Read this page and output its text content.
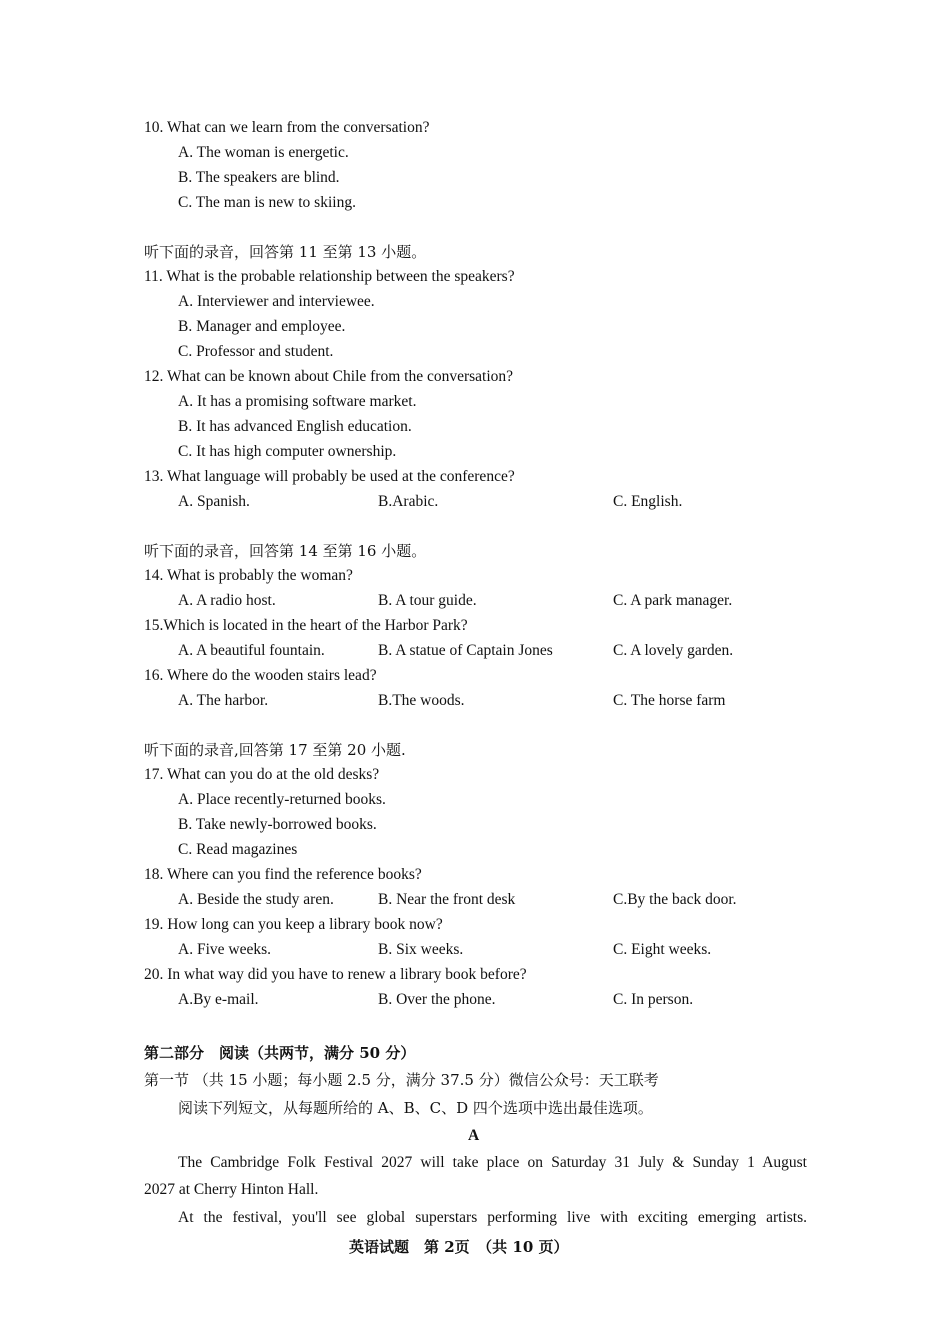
10. What can we learn from the conversation?
A. The woman is energetic.
B. The speakers are blind.
C. The man is new to skiing.
听下面的录音，回答第 11 至第 13 小题。
11. What is the probable relationship between the speakers?
A. Interviewer and interviewee.
B. Manager and employee.
C. Professor and student.
12. What can be known about Chile from the conversation?
A. It has a promising software market.
B. It has advanced English education.
C. It has high computer ownership.
13. What language will probably be used at the conference?
A. Spanish.	B.Arabic.	C. English.
听下面的录音，回答第 14 至第 16 小题。
14. What is probably the woman?
A. A radio host.	B. A tour guide.	C. A park manager.
15.Which is located in the heart of the Harbor Park?
A. A beautiful fountain.	B. A statue of Captain Jones	C. A lovely garden.
16. Where do the wooden stairs lead?
A. The harbor.	B.The woods.	C. The horse farm
听下面的录音,回答第 17 至第 20 小题.
17. What can you do at the old desks?
A. Place recently-returned books.
B. Take newly-borrowed books.
C. Read magazines
18. Where can you find the reference books?
A. Beside the study aren.	B. Near the front desk	C.By the back door.
19. How long can you keep a library book now?
A. Five weeks.	B. Six weeks.	C. Eight weeks.
20. In what way did you have to renew a library book before?
A.By e-mail.	B. Over the phone.	C. In person.
第二部分　阅读（共两节，满分 50 分）
第一节 （共 15 小题；每小题 2.5 分，满分 37.5 分）微信公众号：天工联考
阅读下列短文，从每题所给的 A、B、C、D 四个选项中选出最佳选项。
A
The Cambridge Folk Festival 2027 will take place on Saturday 31 July & Sunday 1 August
2027 at Cherry Hinton Hall.
At the festival, you'll see global superstars performing live with exciting emerging artists.
英语试题　第 2页　（共 10 页）
